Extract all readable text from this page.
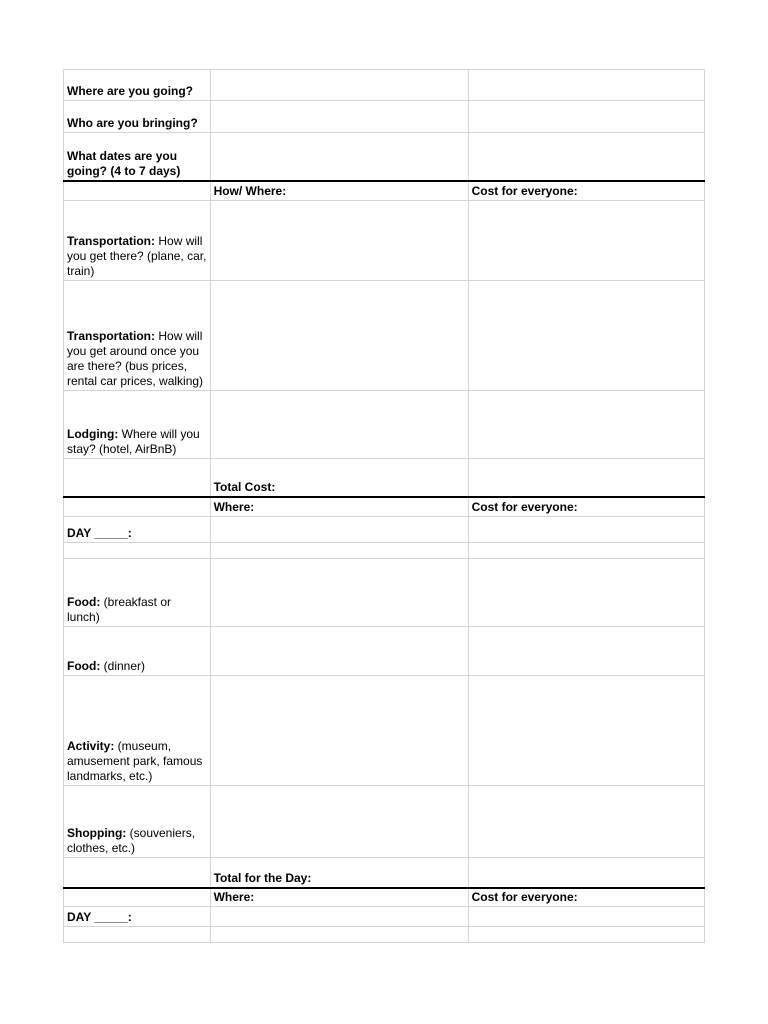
Where are you going?		
Who are you bringing?		
What dates are you going? (4 to 7 days)		
	How/ Where:	Cost for everyone:
Transportation: How will you get there? (plane, car, train)		
Transportation: How will you get around once you are there? (bus prices, rental car prices, walking)		
Lodging: Where will you stay? (hotel, AirBnB)		
	Total Cost:	
	Where:	Cost for everyone:
DAY _____:		

Food: (breakfast or lunch)		
Food: (dinner)		
Activity: (museum, amusement park, famous landmarks, etc.)		
Shopping: (souveniers, clothes, etc.)		
	Total for the Day:	
	Where:	Cost for everyone:
DAY _____:		
